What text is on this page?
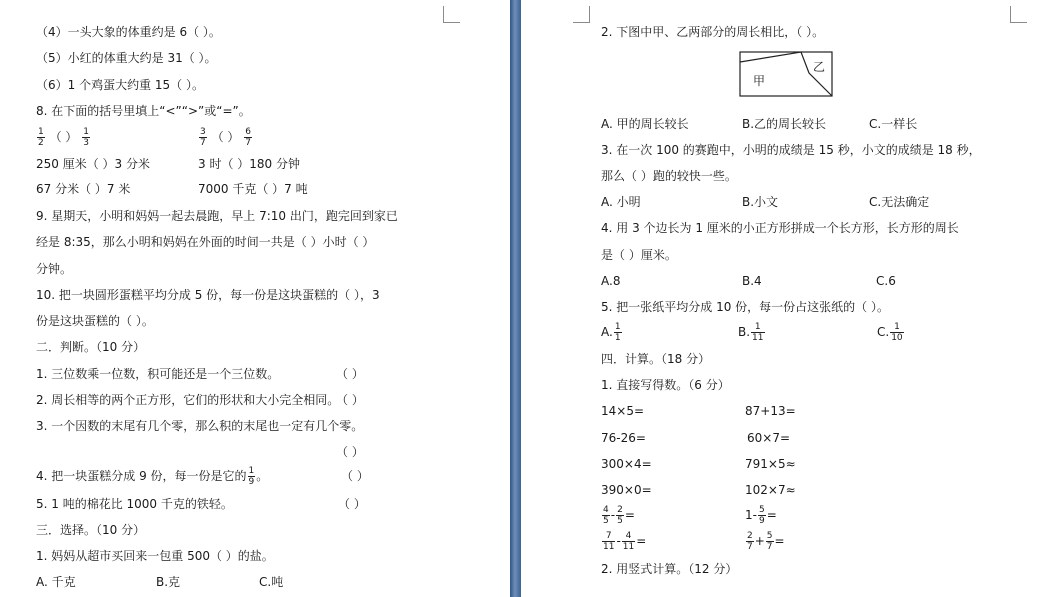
（4）一头大象的体重约是 6（ ）。
（5）小红的体重大约是 31（ ）。
（6）1 个鸡蛋大约重 15（ ）。
8. 在下面的括号里填上“<”“>”或“=”。
$\frac{1}{2}$ （ ） $\frac{1}{3}$	$\frac{3}{7}$ （ ） $\frac{6}{7}$
250 厘米（ ）3 分米	3 时（ ）180 分钟
67 分米（ ）7 米	7000 千克（ ）7 吨
9. 星期天，小明和妈妈一起去晨跑，早上 7:10 出门，跑完回到家已
经是 8:35，那么小明和妈妈在外面的时间一共是（ ）小时（ ）
分钟。
10. 把一块圆形蛋糕平均分成 5 份，每一份是这块蛋糕的（ ），3
份是这块蛋糕的（ ）。
二．判断。（10 分）
1. 三位数乘一位数，积可能还是一个三位数。	（ ）
2. 周长相等的两个正方形，它们的形状和大小完全相同。
（ ）
3. 一个因数的末尾有几个零，那么积的末尾也一定有几个零。
（ ）
4. 把一块蛋糕分成 9 份，每一份是它的 $\frac{1}{9}$ 。	（ ）
5. 1 吨的棉花比 1000 千克的铁轻。	（ ）
三．选择。（10 分）
1. 妈妈从超市买回来一包重 500（ ）的盐。
A. 千克	B.克	C.吨
2. 下图中甲、乙两部分的周长相比，（ ）。
甲
乙
A. 甲的周长较长	B.乙的周长较长	C.一样长
3. 在一次 100 的赛跑中，小明的成绩是 15 秒，小文的成绩是 18 秒，
那么（ ）跑的较快一些。
A. 小明	B.小文	C.无法确定
4. 用 3 个边长为 1 厘米的小正方形拼成一个长方形，长方形的周长
是（ ）厘米。
A.8	B.4	C.6
5. 把一张纸平均分成 10 份，每一份占这张纸的（ ）。
A. $\frac{1}{1}$	B. $\frac{1}{11}$	C. $\frac{1}{10}$
四．计算。（18 分）
1. 直接写得数。（6 分）
14×5=	87+13=
76-26=	60×7=
300×4=	791×5≈
390×0=	102×7≈
$\frac{4}{5} - \frac{2}{5}$ =	$1- \frac{5}{9}$ =
$\frac{7}{11} - \frac{4}{11}$ =	$\frac{2}{7} + \frac{5}{7}$ =
2. 用竖式计算。（12 分）
